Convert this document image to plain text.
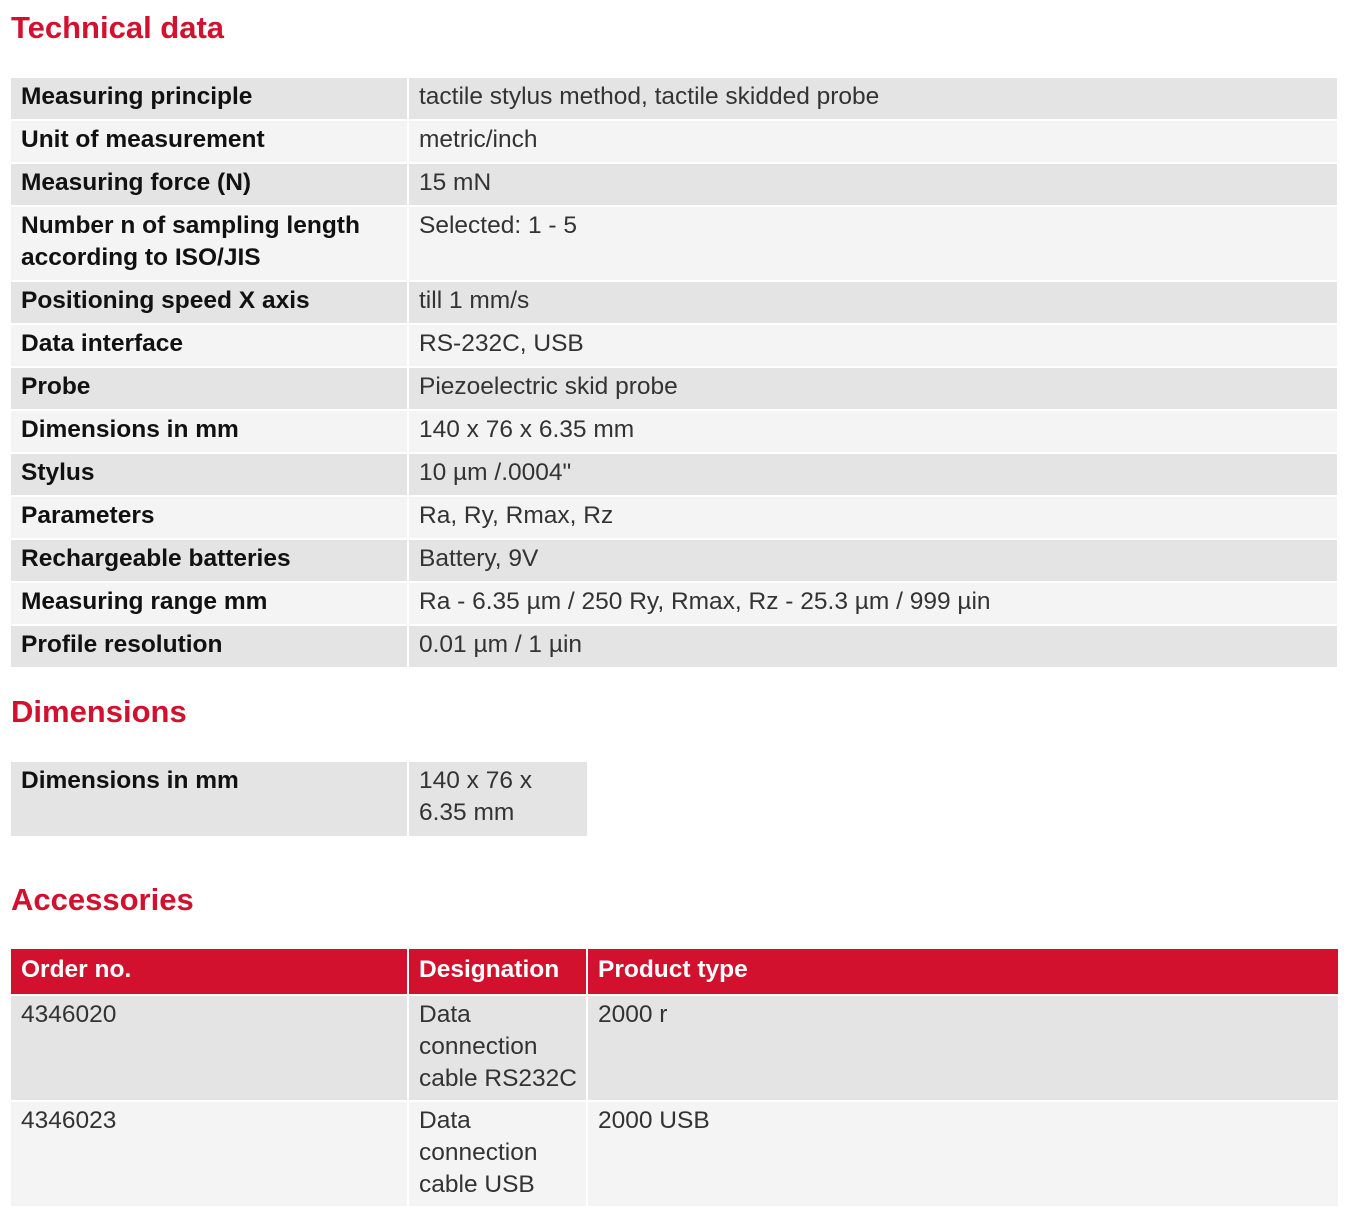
Technical data
Measuring principle	tactile stylus method, tactile skidded probe
Unit of measurement	metric/inch
Measuring force (N)	15 mN
Number n of sampling length according to ISO/JIS	Selected: 1 - 5
Positioning speed X axis	till 1 mm/s
Data interface	RS-232C, USB
Probe	Piezoelectric skid probe
Dimensions in mm	140 x 76 x 6.35 mm
Stylus	10 µm /.0004"
Parameters	Ra, Ry, Rmax, Rz
Rechargeable batteries	Battery, 9V
Measuring range mm	Ra - 6.35 µm / 250 Ry, Rmax, Rz - 25.3 µm / 999 µin
Profile resolution	0.01 µm / 1 µin
Dimensions
Dimensions in mm	140 x 76 x 6.35 mm
Accessories
Order no.	Designation	Product type
4346020	Data connection cable RS232C	2000 r
4346023	Data connection cable USB	2000 USB
